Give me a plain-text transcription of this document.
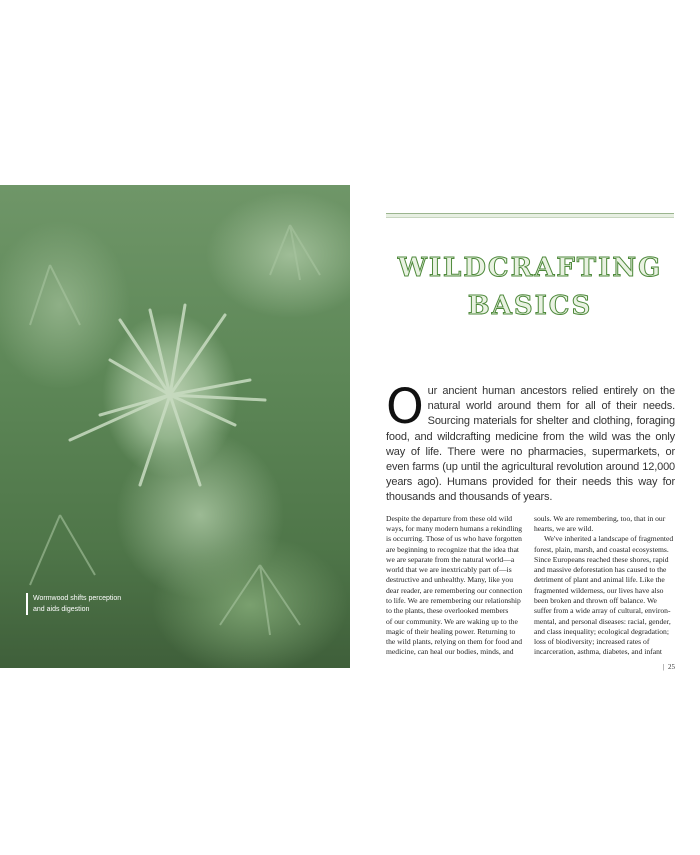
Wormwood shifts perception and aids digestion
WILDCRAFTING
BASICS
Our ancient human ancestors relied entirely on the natural world around them for all of their needs. Sourcing materials for shelter and clothing, foraging food, and wildcrafting medicine from the wild was the only way of life. There were no pharmacies, supermarkets, or even farms (up until the agricultural revolution around 12,000 years ago). Humans provided for their needs this way for thousands and thousands of years.
Despite the departure from these old wild
ways, for many modern humans a rekindling
is occurring. Those of us who have forgotten
are beginning to recognize that the idea that
we are separate from the natural world—a
world that we are inextricably part of—is
destructive and unhealthy. Many, like you
dear reader, are remembering our connection
to life. We are remembering our relationship
to the plants, these overlooked members
of our community. We are waking up to the
magic of their healing power. Returning to
the wild plants, relying on them for food and
medicine, can heal our bodies, minds, and
souls. We are remembering, too, that in our
hearts, we are wild.
We've inherited a landscape of fragmented
forest, plain, marsh, and coastal ecosystems.
Since Europeans reached these shores, rapid
and massive deforestation has caused to the
detriment of plant and animal life. Like the
fragmented wilderness, our lives have also
been broken and thrown off balance. We
suffer from a wide array of cultural, environ-
mental, and personal diseases: racial, gender,
and class inequality; ecological degradation;
loss of biodiversity; increased rates of
incarceration, asthma, diabetes, and infant
|  25
